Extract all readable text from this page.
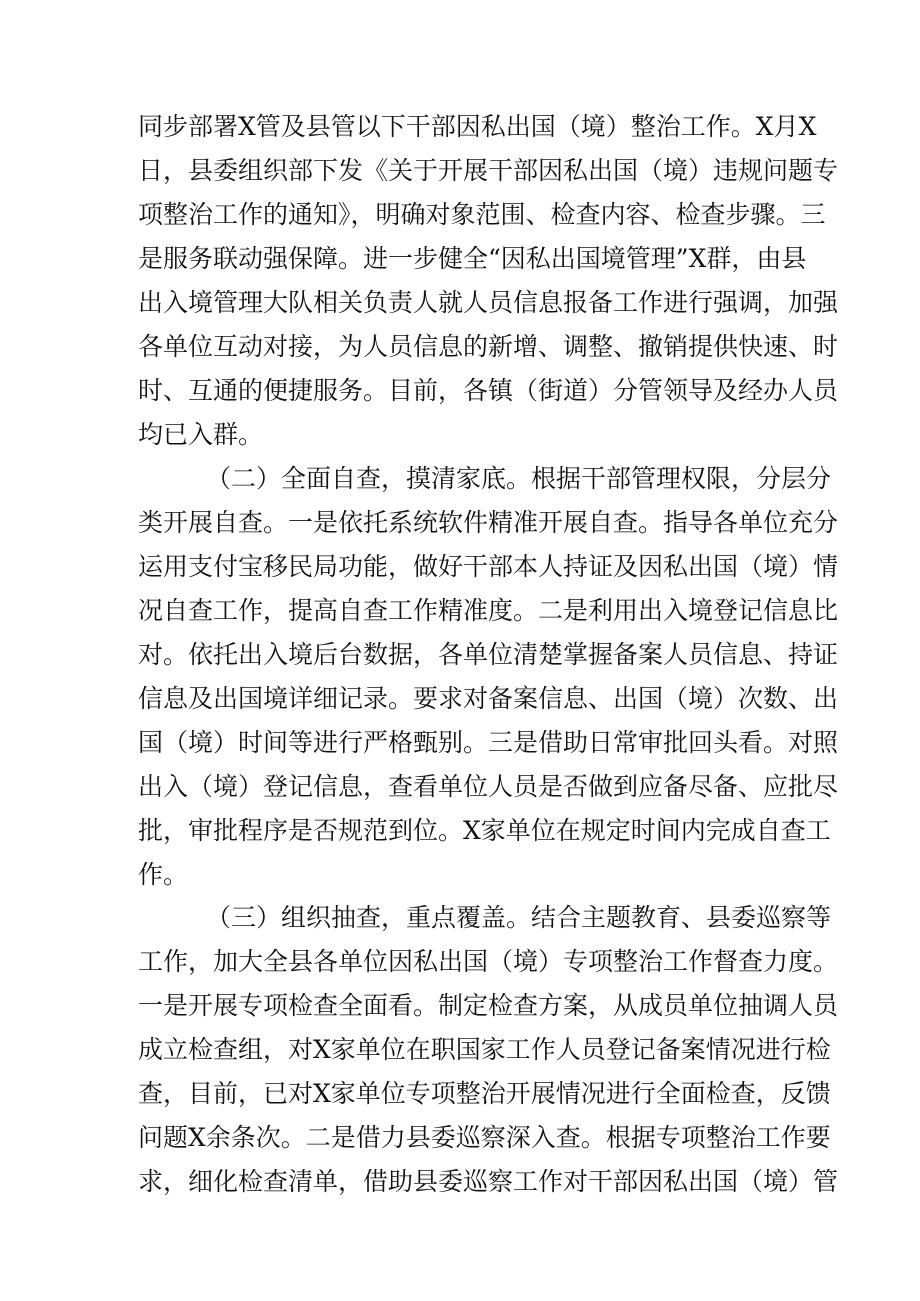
同步部署X管及县管以下干部因私出国（境）整治工作。X月X
日，县委组织部下发《关于开展干部因私出国（境）违规问题专
项整治工作的通知》，明确对象范围、检查内容、检查步骤。三
是服务联动强保障。进一步健全“因私出国境管理”X群，由县
出入境管理大队相关负责人就人员信息报备工作进行强调，加强
各单位互动对接，为人员信息的新增、调整、撤销提供快速、时
时、互通的便捷服务。目前，各镇（街道）分管领导及经办人员
均已入群。
（二）全面自查，摸清家底。根据干部管理权限，分层分
类开展自查。一是依托系统软件精准开展自查。指导各单位充分
运用支付宝移民局功能，做好干部本人持证及因私出国（境）情
况自查工作，提高自查工作精准度。二是利用出入境登记信息比
对。依托出入境后台数据，各单位清楚掌握备案人员信息、持证
信息及出国境详细记录。要求对备案信息、出国（境）次数、出
国（境）时间等进行严格甄别。三是借助日常审批回头看。对照
出入（境）登记信息，查看单位人员是否做到应备尽备、应批尽
批，审批程序是否规范到位。X家单位在规定时间内完成自查工
作。
（三）组织抽查，重点覆盖。结合主题教育、县委巡察等
工作，加大全县各单位因私出国（境）专项整治工作督查力度。
一是开展专项检查全面看。制定检查方案，从成员单位抽调人员
成立检查组，对X家单位在职国家工作人员登记备案情况进行检
查，目前，已对X家单位专项整治开展情况进行全面检查，反馈
问题X余条次。二是借力县委巡察深入查。根据专项整治工作要
求，细化检查清单，借助县委巡察工作对干部因私出国（境）管
